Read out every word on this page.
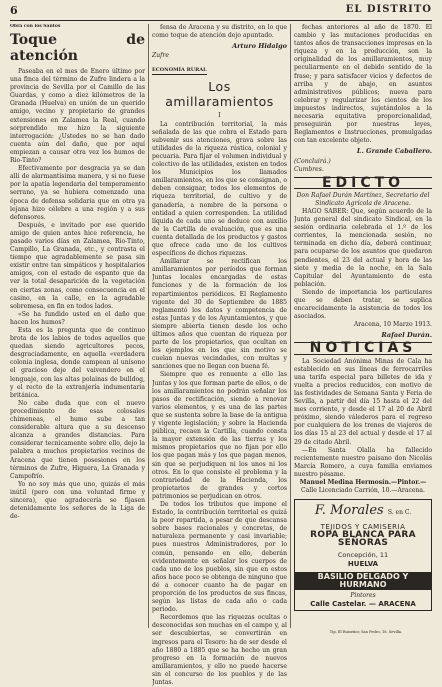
6	EL DISTRITO

Obra con los Santos

Toque de atención

Paseaba en el mes de Enero último por una finca del término de Zufre lindera a la provincia de Sevilla por el Camillo de las Guardas, y como a diez kilómetros de la Granada (Huelva) en unión de un querido amigo, vecino y propietario de grandes extensiones en Zalamea la Real, cuando sorprendido me hizo la siguiente interrogación: ¿Ustedes no se han dado cuenta aún del daño, que por aquí empiezan a causar otra vez los humos de Rio-Tinto?

Efectivamente por desgracia ya se dan allí de alarmantísima manera, y si no fuese por la apatía legendaria del temperamento serrano, ya se hubiera comenzado una época de defensa solidaria que en otra ya lejana hizo célebre a una región y a sus defensores.

Después, e invitado por ese querido amigo de quien antes hice referencia, he pasado varios días en Zalamea, Rio-Tinto, Campillo, La Granada, etc., y contrasta el tiempo que agradablemente se pasa sin existir entre tan simpáticos y hospitalarios amigos, con el estado de espanto que da ver la total desaparición de la vegetación en ciertas zonas, como consecuencia en el casino, en la calle, en la agradable sobremesa, en fin en todos lados.

«Se ha fundido usted en el daño que hacen los humos?

Esta es la pregunta que de continuo brota de los labios de todos aquellos que quedan siendo agricultores pecos, desgraciadamente, en aquella «verdadera colonia inglesa, donde campean al unísono el gracioso deje del vaivendero en el lenguaje, con las altas polainas de bulldog, y el recto de la extranjería indumentaria británica.

No cabe duda que con el nuevo procedimiento de esas colosales chimeneas, el humo sube a tan considerable altura que a su descenso alcanza a grandes distancias. Para considerar tecnicamente sobre ello, dejo la palabra a muchos propietarios vecinos de Aracena que tienen posesiones en los términos de Zufre, Higuera, La Granada y Campofrío.

Yo no soy más que uno, quizás el más inútil (pero con una voluntad firme y sincera), que agradecería se fijasen detenidamente los señores de la Liga de de-

fensa de Aracena y su distrito, en lo que como toque de atención dejo apuntado.

Arturo Hidalgo

Zufre

ECONOMÍA RURAL
Los amillaramientos

I

La contribución territorial, la más señalada de las que cobra el Estado para subvenir sus atenciones, grava sobre las utilidades de la riqueza rústica, colonial y pecuaria. Para fijar el volumen individual y colectivo de las utilidades, existen en todos los Municipios los llamados amillaramientos, en los que se consignan, o deben consignar, todos los elementos de riqueza territorial, de cultivo y de ganadería, a nombre de la persona o entidad a quien corresponden. La utilidad líquida de cada uno se deduce con auxilio de la Cartilla de evaluación, que es una cuenta detallada de los productos y gastos que ofrece cada uno de los cultivos específicos de dichos riquezas.

Amillarar se rectifican los amillaramientos por períodos que forman Juntas locales encargadas de estas funciones y de la formación de los repartimientos periódicos. El Reglamento vigente del 30 de Septiembre de 1885 reglamentó los datos y competencia de estas Juntas y de los Ayuntamientos, y que siempre abierta tienen desde los ocho últimos años que cuentan de riqueza por parte de los propietarios, que ocultan en los ejemplos en los que sin motivo se cuelan nuevas vecindades, con multas y sanciones que no llegan con buena fé.

Siempre que es renuente a ello las Juntas y los que forman parte de ellos, o de los amillaramientos no podrán señalar los pasos de rectificación, siendo a renovar varios elementos, y es una de las partes que se sustenta sobre la base de la antigua y vigente legislación; y sobre la Hacienda pública, recaen la Cartilla, cuando consta la mayor extensión de las tierras y los mismos propietarios que no fijan por ello los que pagan más y los que pagan menos, sin que se perjudiquen ni los unos ni los otros. En lo que consiste el problema y la contrariedad de la Hacienda, los propietarios de grandes y cortos patrimonios se perjudican en otros.

De todos los tributos que impone el Estado, la contribución territorial es quizá la peor repartida, a pesar de que descansa sobre bases racionales y concretas, de naturaleza permanente y casi invariable; pues nuestros Administradores, por lo común, pensando en ello, deberán evidentemente en señalar los cuerpos de cada uno de los pueblos, sin que en estos años hace poco se obtenga de ninguno que dé a conocer cuanto ha de pagar en proporción de los productos de sus fincas, según las listas de cada año o cada periodo.

Recordemos que las riquezas ocultas o desconocidas son muchas en el campo y, al ser descubiertas, se convertirán en ingresos para el Tesoro: ha de ser desde el año 1880 a 1885 que se ha hecho un gran progreso en la formación de nuevos amillaramientos, y ello no puede hacerse sin el concurso de los pueblos y de las Juntas.

fechas anteriores al año de 1870. El cambio y las mutaciones producidas en tantos años de transacciones impresas en la riqueza y en la producción, son la originalidad de los amillaramientos, muy peculiarmente en el debido sentido de la frase; y para satisfacer vicios y defectos de arriba y de abajo, en asuntos administrativos públicos; nueva para celebrar y regularizar los cientos de los impuestos indirectos, sujetándolos a la necesaria equitativa proporcionalidad, proseguirán por nuestras leyes, Reglamentos e Instrucciones, promulgadas con tan excelente objeto.

L. Grande Caballero.

(Concluirá.)

Cumbres.

EDICTO

Don Rafael Durán Martínez, Secretario del Sindicato Agrícola de Aracena.

HAGO SABER: Que, según acuerdo de la Junta general del sindicato Sindical, en la sesión ordinaria celebrada el 1.º de los corrientes, la mencionada sesión, no terminada en dicho día, deberá continuar, para ocuparse de los asuntos que quedaron pendientes, el 23 del actual y hora de las siete y media de la noche, en la Sala Capitular del Ayuntamiento de esta población.

Siendo de importancia los particulares que se deben tratar, se suplica encarecidamente la asistencia de todos los asociados.

Aracena, 10 Marzo 1913.

Rafael Durán.

NOTICIAS

La Sociedad Anónima Minas de Cala ha establecido en sus líneas de ferrocarriles una tarifa especial para billetes de ida y vuelta a precios reducidos, con motivo de las festividades de Semana Santa y Feria de Sevilla, a partir del día 15 hasta el 22 del mes corriente, y desde el 17 al 20 de Abril próximo, siendo válederos para el regreso por cualquiera de los trenes de viajeros de los días 15 al 23 del actual y desde el 17 al 29 de citado Abril.

—En Santa Olalla ha fallecido recientemente nuestro paisano don Nicolás Marcía Romero, a cuya familia enviamos nuestro pésame.

Manuel Medina Hermosín.—Pintor.—

Calle Licenciado Carrión, 10.—Aracena.

F. Morales S. en C.
TEJIDOS Y CAMISERIA
ROPA BLANCA PARA SEÑORAS
Concepción, 11
HUELVA
BASILIO DELGADO Y HURMANO
Pintores
Calle Castelar. — ARACENA
Tip. El Ruiseñor, San Pedro, 18. Sevilla.
